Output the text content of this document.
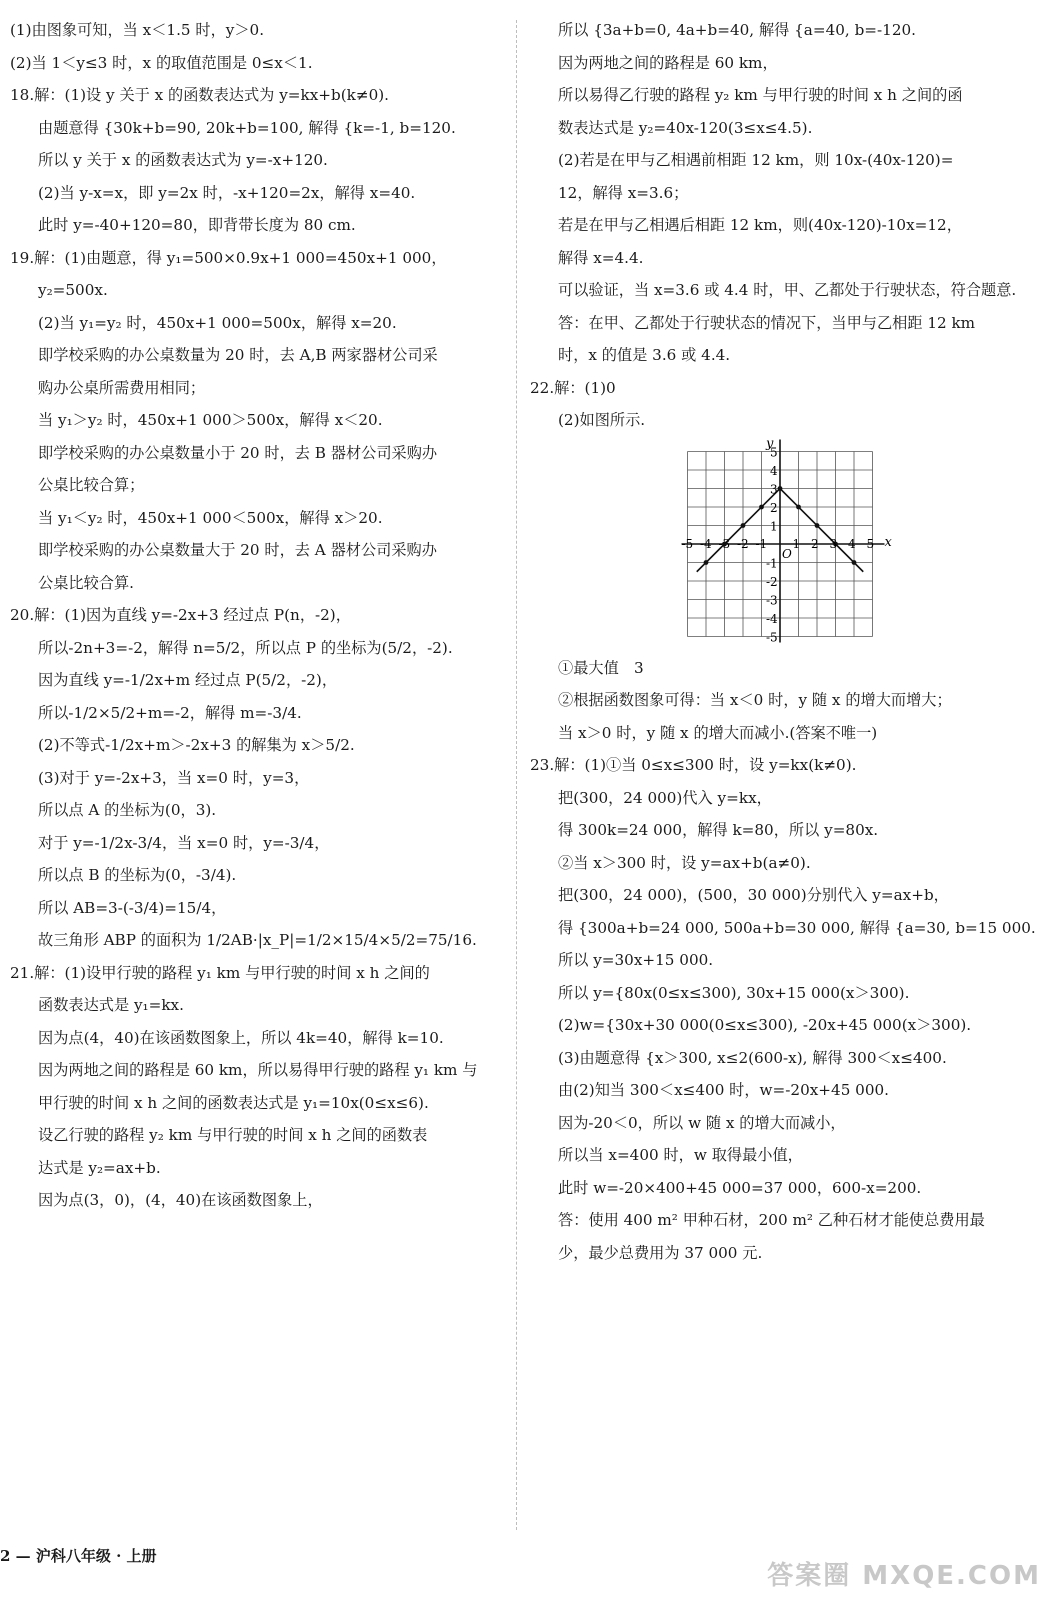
(1)由图象可知，当 x＜1.5 时，y＞0.
(2)当 1＜y≤3 时，x 的取值范围是 0≤x＜1.
18.解：(1)设 y 关于 x 的函数表达式为 y=kx+b(k≠0).
由题意得 {30k+b=90, 20k+b=100, 解得 {k=-1, b=120.
所以 y 关于 x 的函数表达式为 y=-x+120.
(2)当 y-x=x，即 y=2x 时，-x+120=2x，解得 x=40.
此时 y=-40+120=80，即背带长度为 80 cm.
19.解：(1)由题意，得 y₁=500×0.9x+1 000=450x+1 000，
y₂=500x.
(2)当 y₁=y₂ 时，450x+1 000=500x，解得 x=20.
即学校采购的办公桌数量为 20 时，去 A,B 两家器材公司采
购办公桌所需费用相同；
当 y₁＞y₂ 时，450x+1 000＞500x，解得 x＜20.
即学校采购的办公桌数量小于 20 时，去 B 器材公司采购办
公桌比较合算；
当 y₁＜y₂ 时，450x+1 000＜500x，解得 x＞20.
即学校采购的办公桌数量大于 20 时，去 A 器材公司采购办
公桌比较合算.
20.解：(1)因为直线 y=-2x+3 经过点 P(n，-2)，
所以-2n+3=-2，解得 n=5/2，所以点 P 的坐标为(5/2，-2).
因为直线 y=-1/2x+m 经过点 P(5/2，-2)，
所以-1/2×5/2+m=-2，解得 m=-3/4.
(2)不等式-1/2x+m＞-2x+3 的解集为 x＞5/2.
(3)对于 y=-2x+3，当 x=0 时，y=3，
所以点 A 的坐标为(0，3).
对于 y=-1/2x-3/4，当 x=0 时，y=-3/4，
所以点 B 的坐标为(0，-3/4).
所以 AB=3-(-3/4)=15/4，
故三角形 ABP 的面积为 1/2AB·|x_P|=1/2×15/4×5/2=75/16.
21.解：(1)设甲行驶的路程 y₁ km 与甲行驶的时间 x h 之间的
函数表达式是 y₁=kx.
因为点(4，40)在该函数图象上，所以 4k=40，解得 k=10.
因为两地之间的路程是 60 km，所以易得甲行驶的路程 y₁ km 与
甲行驶的时间 x h 之间的函数表达式是 y₁=10x(0≤x≤6).
设乙行驶的路程 y₂ km 与甲行驶的时间 x h 之间的函数表
达式是 y₂=ax+b.
因为点(3，0)，(4，40)在该函数图象上，
所以 {3a+b=0, 4a+b=40, 解得 {a=40, b=-120.
因为两地之间的路程是 60 km，
所以易得乙行驶的路程 y₂ km 与甲行驶的时间 x h 之间的函
数表达式是 y₂=40x-120(3≤x≤4.5).
(2)若是在甲与乙相遇前相距 12 km，则 10x-(40x-120)=
12，解得 x=3.6；
若是在甲与乙相遇后相距 12 km，则(40x-120)-10x=12，
解得 x=4.4.
可以验证，当 x=3.6 或 4.4 时，甲、乙都处于行驶状态，符合题意.
答：在甲、乙都处于行驶状态的情况下，当甲与乙相距 12 km
时，x 的值是 3.6 或 4.4.
22.解：(1)0
(2)如图所示.
-5 -4 -3 -2 -1 1 2 3 4 5
5
4
3
2
1
-1
-2
-3
-4
-5
x
y
O
①最大值　3
②根据函数图象可得：当 x＜0 时，y 随 x 的增大而增大；
当 x＞0 时，y 随 x 的增大而减小.(答案不唯一)
23.解：(1)①当 0≤x≤300 时，设 y=kx(k≠0).
把(300，24 000)代入 y=kx，
得 300k=24 000，解得 k=80，所以 y=80x.
②当 x＞300 时，设 y=ax+b(a≠0).
把(300，24 000)，(500，30 000)分别代入 y=ax+b，
得 {300a+b=24 000, 500a+b=30 000, 解得 {a=30, b=15 000.
所以 y=30x+15 000.
所以 y={80x(0≤x≤300), 30x+15 000(x＞300).
(2)w={30x+30 000(0≤x≤300), -20x+45 000(x＞300).
(3)由题意得 {x＞300, x≤2(600-x), 解得 300＜x≤400.
由(2)知当 300＜x≤400 时，w=-20x+45 000.
因为-20＜0，所以 w 随 x 的增大而减小，
所以当 x=400 时，w 取得最小值，
此时 w=-20×400+45 000=37 000，600-x=200.
答：使用 400 m² 甲种石材，200 m² 乙种石材才能使总费用最
少，最少总费用为 37 000 元.
2 — 沪科八年级 · 上册
答案圈 MXQE.COM
